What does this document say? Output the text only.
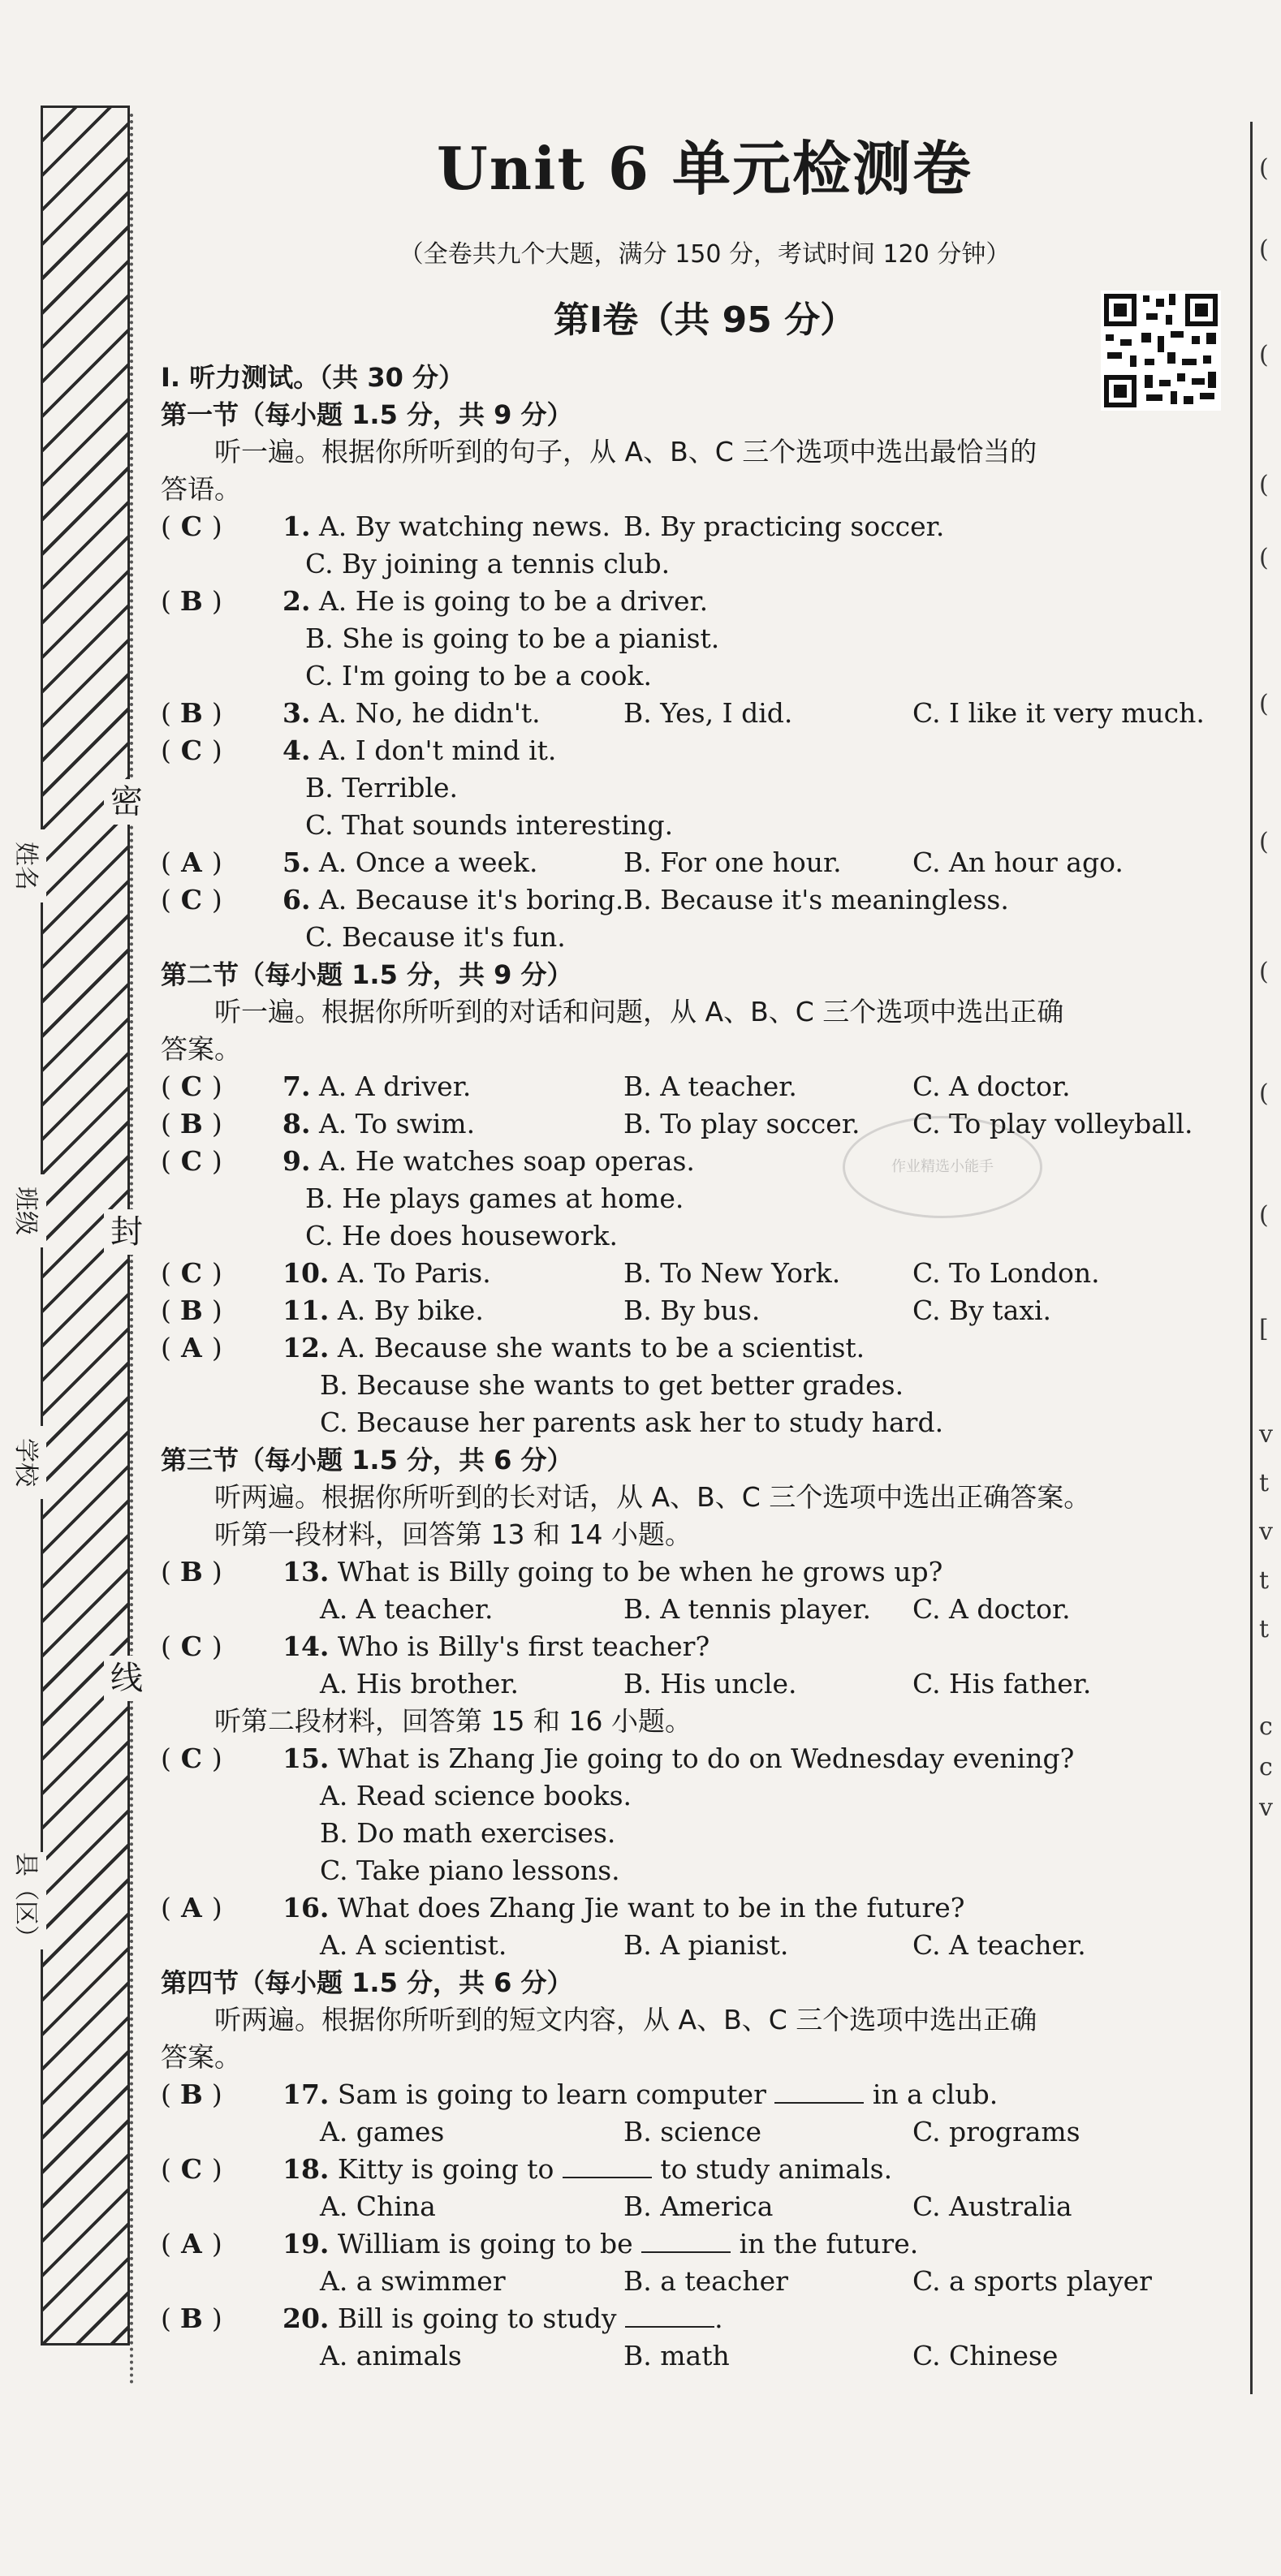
密
封
线
姓名
班级
学校
县（区）
(
(
(
(
(
(
(
(
(
(
[
v
t
v
t
t
c
c
v
Unit 6 单元检测卷
（全卷共九个大题，满分 150 分，考试时间 120 分钟）
第Ⅰ卷（共 95 分）
作业精选小能手
Ⅰ. 听力测试。（共 30 分）
第一节（每小题 1.5 分，共 9 分）
听一遍。根据你所听到的句子，从 A、B、C 三个选项中选出最恰当的
答语。
( C ) 1. A. By watching news. B. By practicing soccer.
C. By joining a tennis club.
( B ) 2. A. He is going to be a driver.
B. She is going to be a pianist.
C. I'm going to be a cook.
( B ) 3. A. No, he didn't.	B. Yes, I did.	C. I like it very much.
( C ) 4. A. I don't mind it.
B. Terrible.
C. That sounds interesting.
( A ) 5. A. Once a week.	B. For one hour.	C. An hour ago.
( C ) 6. A. Because it's boring. B. Because it's meaningless.
C. Because it's fun.
第二节（每小题 1.5 分，共 9 分）
听一遍。根据你所听到的对话和问题，从 A、B、C 三个选项中选出正确
答案。
( C ) 7. A. A driver.	B. A teacher.	C. A doctor.
( B ) 8. A. To swim.	B. To play soccer. C. To play volleyball.
( C ) 9. A. He watches soap operas.
B. He plays games at home.
C. He does housework.
( C ) 10. A. To Paris.	B. To New York.	C. To London.
( B ) 11. A. By bike.	B. By bus.	C. By taxi.
( A ) 12. A. Because she wants to be a scientist.
B. Because she wants to get better grades.
C. Because her parents ask her to study hard.
第三节（每小题 1.5 分，共 6 分）
听两遍。根据你所听到的长对话，从 A、B、C 三个选项中选出正确答案。
听第一段材料，回答第 13 和 14 小题。
( B ) 13. What is Billy going to be when he grows up?
A. A teacher.	B. A tennis player. C. A doctor.
( C ) 14. Who is Billy's first teacher?
A. His brother.	B. His uncle.	C. His father.
听第二段材料，回答第 15 和 16 小题。
( C ) 15. What is Zhang Jie going to do on Wednesday evening?
A. Read science books.
B. Do math exercises.
C. Take piano lessons.
( A ) 16. What does Zhang Jie want to be in the future?
A. A scientist.	B. A pianist.	C. A teacher.
第四节（每小题 1.5 分，共 6 分）
听两遍。根据你所听到的短文内容，从 A、B、C 三个选项中选出正确
答案。
( B ) 17. Sam is going to learn computer	in a club.
A. games	B. science	C. programs
( C ) 18. Kitty is going to	to study animals.
A. China	B. America	C. Australia
( A ) 19. William is going to be	in the future.
A. a swimmer	B. a teacher	C. a sports player
( B ) 20. Bill is going to study	.
A. animals	B. math	C. Chinese
